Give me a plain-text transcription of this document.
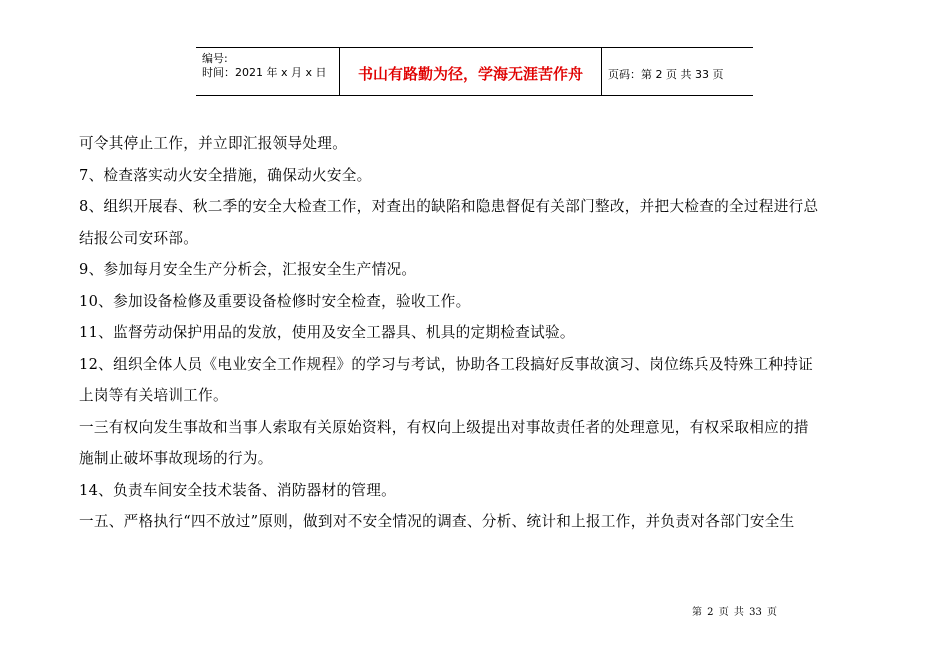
编号:
时间：2021 年 x 月 x 日	书山有路勤为径，学海无涯苦作舟	页码：第 2 页 共 33 页

可令其停止工作，并立即汇报领导处理。

7、检查落实动火安全措施，确保动火安全。

8、组织开展春、秋二季的安全大检查工作，对查出的缺陷和隐患督促有关部门整改，并把大检查的全过程进行总

结报公司安环部。

9、参加每月安全生产分析会，汇报安全生产情况。

10、参加设备检修及重要设备检修时安全检查，验收工作。

11、监督劳动保护用品的发放，使用及安全工器具、机具的定期检查试验。

12、组织全体人员《电业安全工作规程》的学习与考试，协助各工段搞好反事故演习、岗位练兵及特殊工种持证

上岗等有关培训工作。

一三有权向发生事故和当事人索取有关原始资料，有权向上级提出对事故责任者的处理意见，有权采取相应的措

施制止破坏事故现场的行为。

14、负责车间安全技术装备、消防器材的管理。

一五、严格执行“四不放过”原则，做到对不安全情况的调查、分析、统计和上报工作，并负责对各部门安全生

第 2 页 共 33 页
